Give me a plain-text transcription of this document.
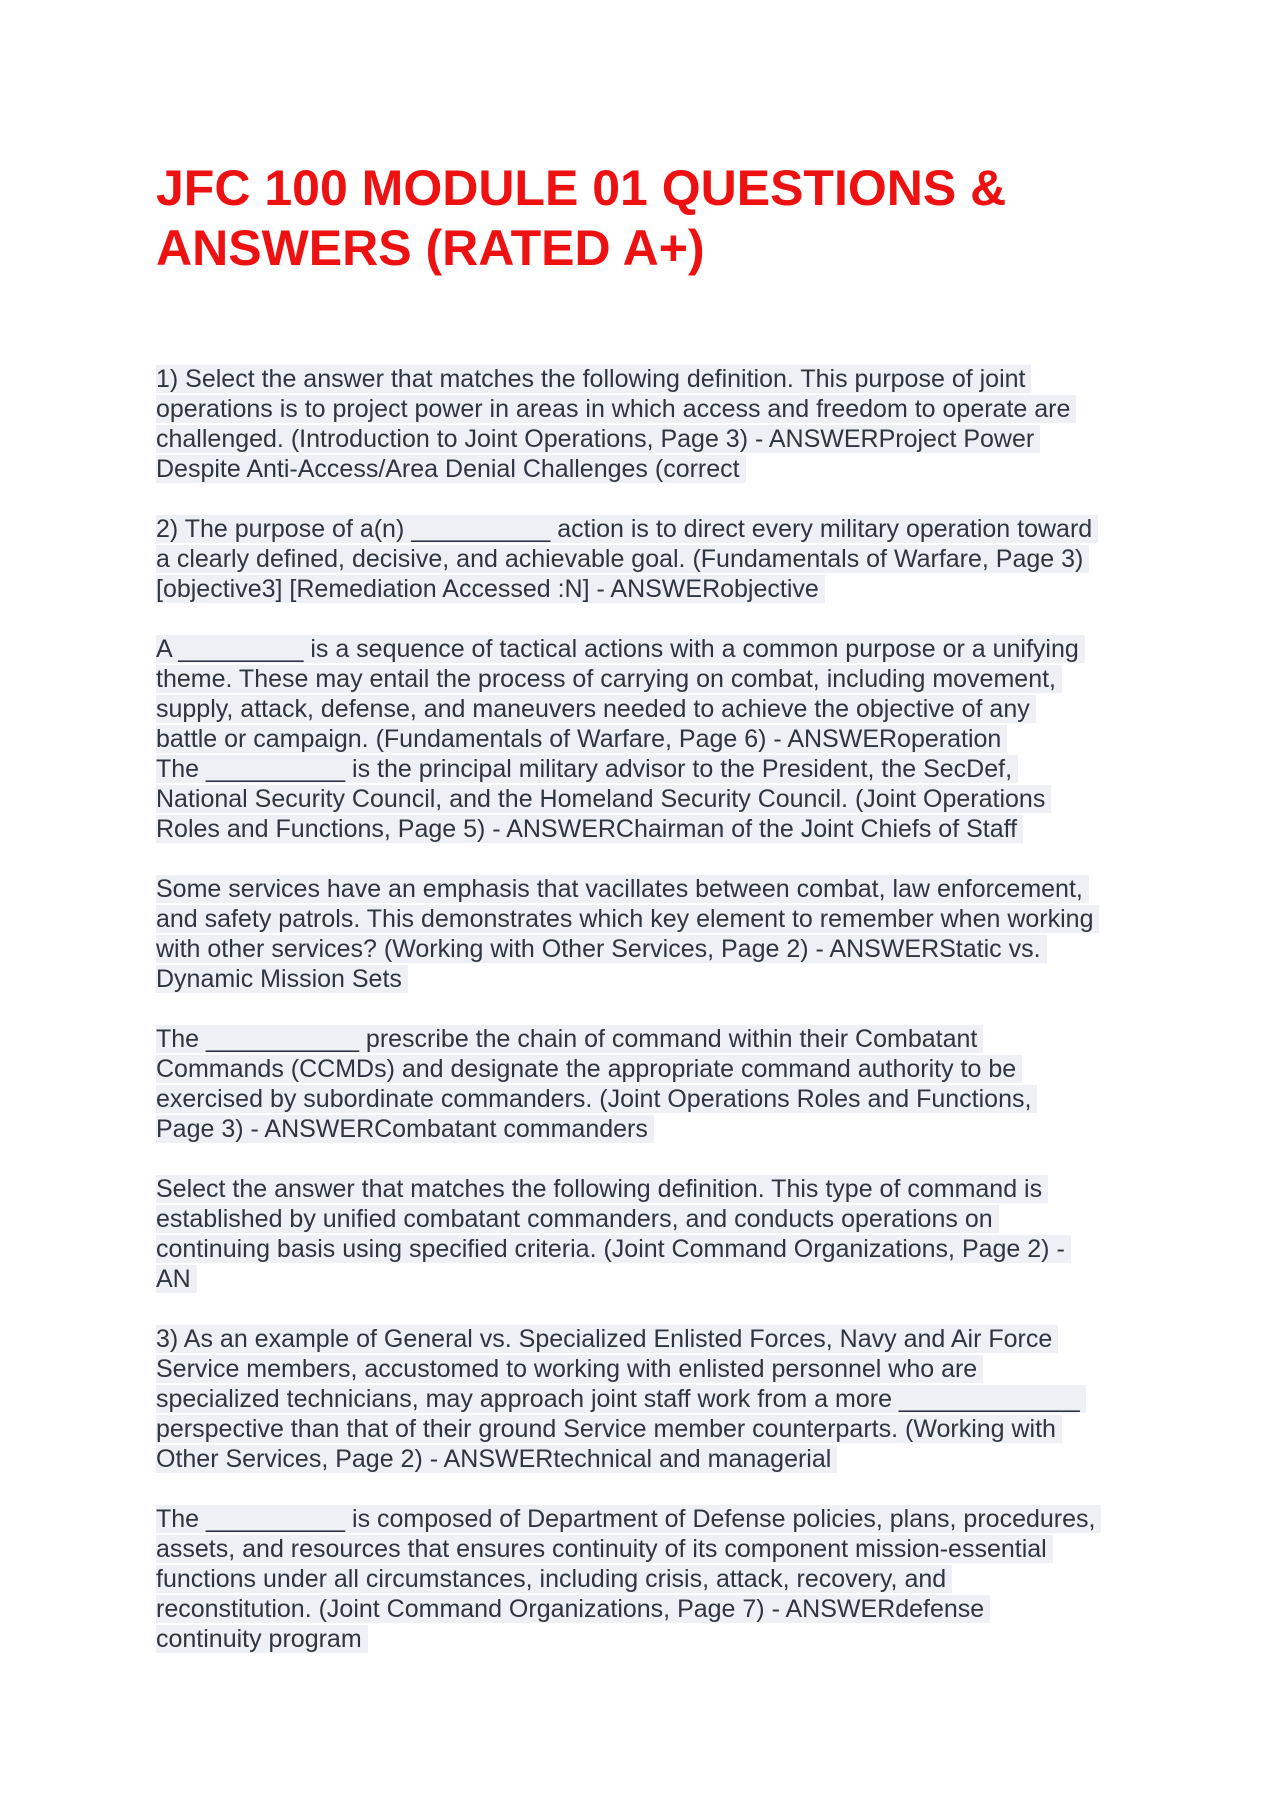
JFC 100 MODULE 01 QUESTIONS &
ANSWERS (RATED A+)

1) Select the answer that matches the following definition. This purpose of joint
operations is to project power in areas in which access and freedom to operate are
challenged. (Introduction to Joint Operations, Page 3) - ANSWERProject Power
Despite Anti-Access/Area Denial Challenges (correct

2) The purpose of a(n) __________ action is to direct every military operation toward
a clearly defined, decisive, and achievable goal. (Fundamentals of Warfare, Page 3)
[objective3] [Remediation Accessed :N] - ANSWERobjective

A _________ is a sequence of tactical actions with a common purpose or a unifying
theme. These may entail the process of carrying on combat, including movement,
supply, attack, defense, and maneuvers needed to achieve the objective of any
battle or campaign. (Fundamentals of Warfare, Page 6) - ANSWERoperation

The __________ is the principal military advisor to the President, the SecDef,
National Security Council, and the Homeland Security Council. (Joint Operations
Roles and Functions, Page 5) - ANSWERChairman of the Joint Chiefs of Staff

Some services have an emphasis that vacillates between combat, law enforcement,
and safety patrols. This demonstrates which key element to remember when working
with other services? (Working with Other Services, Page 2) - ANSWERStatic vs.
Dynamic Mission Sets

The ___________ prescribe the chain of command within their Combatant
Commands (CCMDs) and designate the appropriate command authority to be
exercised by subordinate commanders. (Joint Operations Roles and Functions,
Page 3) - ANSWERCombatant commanders

Select the answer that matches the following definition. This type of command is
established by unified combatant commanders, and conducts operations on
continuing basis using specified criteria. (Joint Command Organizations, Page 2) -
AN

3) As an example of General vs. Specialized Enlisted Forces, Navy and Air Force
Service members, accustomed to working with enlisted personnel who are
specialized technicians, may approach joint staff work from a more _____________
perspective than that of their ground Service member counterparts. (Working with
Other Services, Page 2) - ANSWERtechnical and managerial

The __________ is composed of Department of Defense policies, plans, procedures,
assets, and resources that ensures continuity of its component mission-essential
functions under all circumstances, including crisis, attack, recovery, and
reconstitution. (Joint Command Organizations, Page 7) - ANSWERdefense
continuity program
